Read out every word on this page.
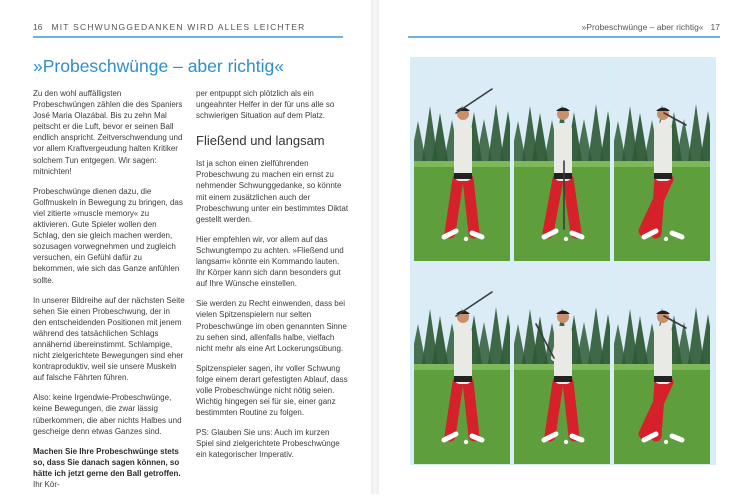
16 MIT SCHWUNGGEDANKEN WIRD ALLES LEICHTER	»Probeschwünge – aber richtig« 17
»Probeschwünge – aber richtig«

Zu den wohl auffälligsten Probeschwüngen zählen die des Spaniers José Maria Olazábal. Bis zu zehn Mal peitscht er die Luft, bevor er seinen Ball endlich anspricht. Zeitverschwendung und vor allem Kraftvergeudung halten Kritiker solchem Tun entgegen. Wir sagen: mitnichten!

Probeschwünge dienen dazu, die Golfmuskeln in Bewegung zu bringen, das viel zitierte »muscle memory« zu aktivieren. Gute Spieler wollen den Schlag, den sie gleich machen werden, sozusagen vorwegnehmen und zugleich versuchen, ein Gefühl dafür zu bekommen, wie sich das Ganze anfühlen sollte.

In unserer Bildreihe auf der nächsten Seite sehen Sie einen Probeschwung, der in den entscheidenden Positionen mit jenem während des tatsächlichen Schlags annähernd übereinstimmt. Schlampige, nicht zielgerichtete Bewegungen sind eher kontraproduktiv, weil sie unsere Muskeln auf falsche Fährten führen.

Also: keine Irgendwie-Probeschwünge, keine Bewegungen, die zwar lässig rüberkommen, die aber nichts Halbes und gescheige denn etwas Ganzes sind.

Machen Sie Ihre Probeschwünge stets so, dass Sie danach sagen können, so hätte ich jetzt gerne den Ball getroffen. Ihr Kör-

per entpuppt sich plötzlich als ein ungeahnter Helfer in der für uns alle so schwierigen Situation auf dem Platz.

Fließend und langsam

Ist ja schon einen zielführenden Probeschwung zu machen ein ernst zu nehmender Schwunggedanke, so könnte mit einem zusätzlichen auch der Probeschwung unter ein bestimmtes Diktat gestellt werden.

Hier empfehlen wir, vor allem auf das Schwungtempo zu achten. »Fließend und langsam« könnte ein Kommando lauten. Ihr Körper kann sich dann besonders gut auf Ihre Wünsche einstellen.

Sie werden zu Recht einwenden, dass bei vielen Spitzenspielern nur selten Probeschwünge im oben genannten Sinne zu sehen sind, allenfalls halbe, vielfach nicht mehr als eine Art Lockerungsübung.

Spitzenspieler sagen, ihr voller Schwung folge einem derart gefestigten Ablauf, dass volle Probeschwünge nicht nötig seien. Wichtig hingegen sei für sie, einer ganz bestimmten Routine zu folgen.

PS: Glauben Sie uns: Auch im kurzen Spiel sind zielgerichtete Probeschwünge ein kategorischer Imperativ.
